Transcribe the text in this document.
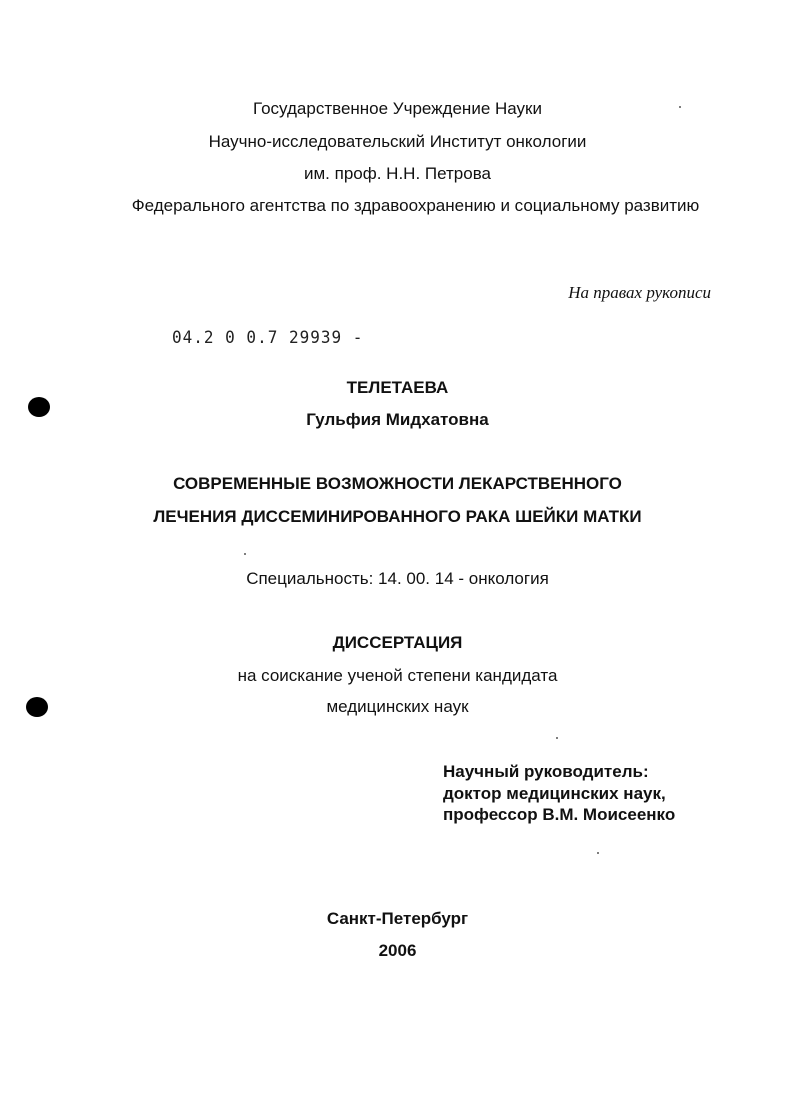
Государственное Учреждение Науки
Научно-исследовательский Институт онкологии
им. проф. Н.Н. Петрова
Федерального агентства по здравоохранению и социальному развитию
На правах рукописи
04.2 0 0.7 29939 -
ТЕЛЕТАЕВА
Гульфия Мидхатовна
СОВРЕМЕННЫЕ ВОЗМОЖНОСТИ ЛЕКАРСТВЕННОГО
ЛЕЧЕНИЯ ДИССЕМИНИРОВАННОГО РАКА ШЕЙКИ МАТКИ
Специальность: 14. 00. 14 - онкология
ДИССЕРТАЦИЯ
на соискание ученой степени кандидата
медицинских наук
Научный руководитель:
доктор медицинских наук,
профессор В.М. Моисеенко
Санкт-Петербург
2006
